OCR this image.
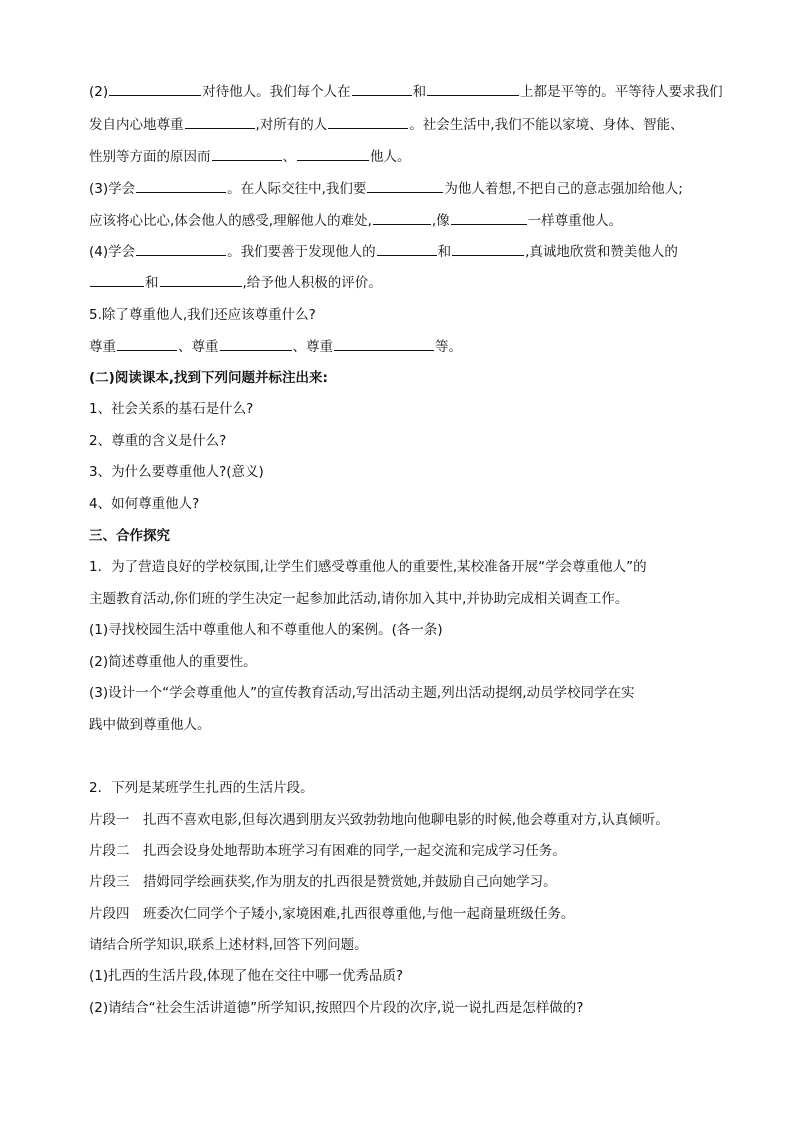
(2)	对待他人。我们每个人在	和	上都是平等的。平等待人要求我们
发自内心地尊重	,对所有的人	。社会生活中,我们不能以家境、身体、智能、
性别等方面的原因而	、	他人。
(3)学会	。在人际交往中,我们要	为他人着想,不把自己的意志强加给他人;
应该将心比心,体会他人的感受,理解他人的难处,	,像	一样尊重他人。
(4)学会	。我们要善于发现他人的	和	,真诚地欣赏和赞美他人的
和	,给予他人积极的评价。
5.除了尊重他人,我们还应该尊重什么?
尊重	、尊重	、尊重	等。
(二)阅读课本,找到下列问题并标注出来:
1、社会关系的基石是什么?
2、尊重的含义是什么?
3、为什么要尊重他人?(意义)
4、如何尊重他人?
三、合作探究
1．为了营造良好的学校氛围,让学生们感受尊重他人的重要性,某校准备开展“学会尊重他人”的
主题教育活动,你们班的学生决定一起参加此活动,请你加入其中,并协助完成相关调查工作。
(1)寻找校园生活中尊重他人和不尊重他人的案例。(各一条)
(2)简述尊重他人的重要性。
(3)设计一个“学会尊重他人”的宣传教育活动,写出活动主题,列出活动提纲,动员学校同学在实
践中做到尊重他人。
2．下列是某班学生扎西的生活片段。
片段一　扎西不喜欢电影,但每次遇到朋友兴致勃勃地向他聊电影的时候,他会尊重对方,认真倾听。
片段二　扎西会设身处地帮助本班学习有困难的同学,一起交流和完成学习任务。
片段三　措姆同学绘画获奖,作为朋友的扎西很是赞赏她,并鼓励自己向她学习。
片段四　班委次仁同学个子矮小,家境困难,扎西很尊重他,与他一起商量班级任务。
请结合所学知识,联系上述材料,回答下列问题。
(1)扎西的生活片段,体现了他在交往中哪一优秀品质?
(2)请结合“社会生活讲道德”所学知识,按照四个片段的次序,说一说扎西是怎样做的?
